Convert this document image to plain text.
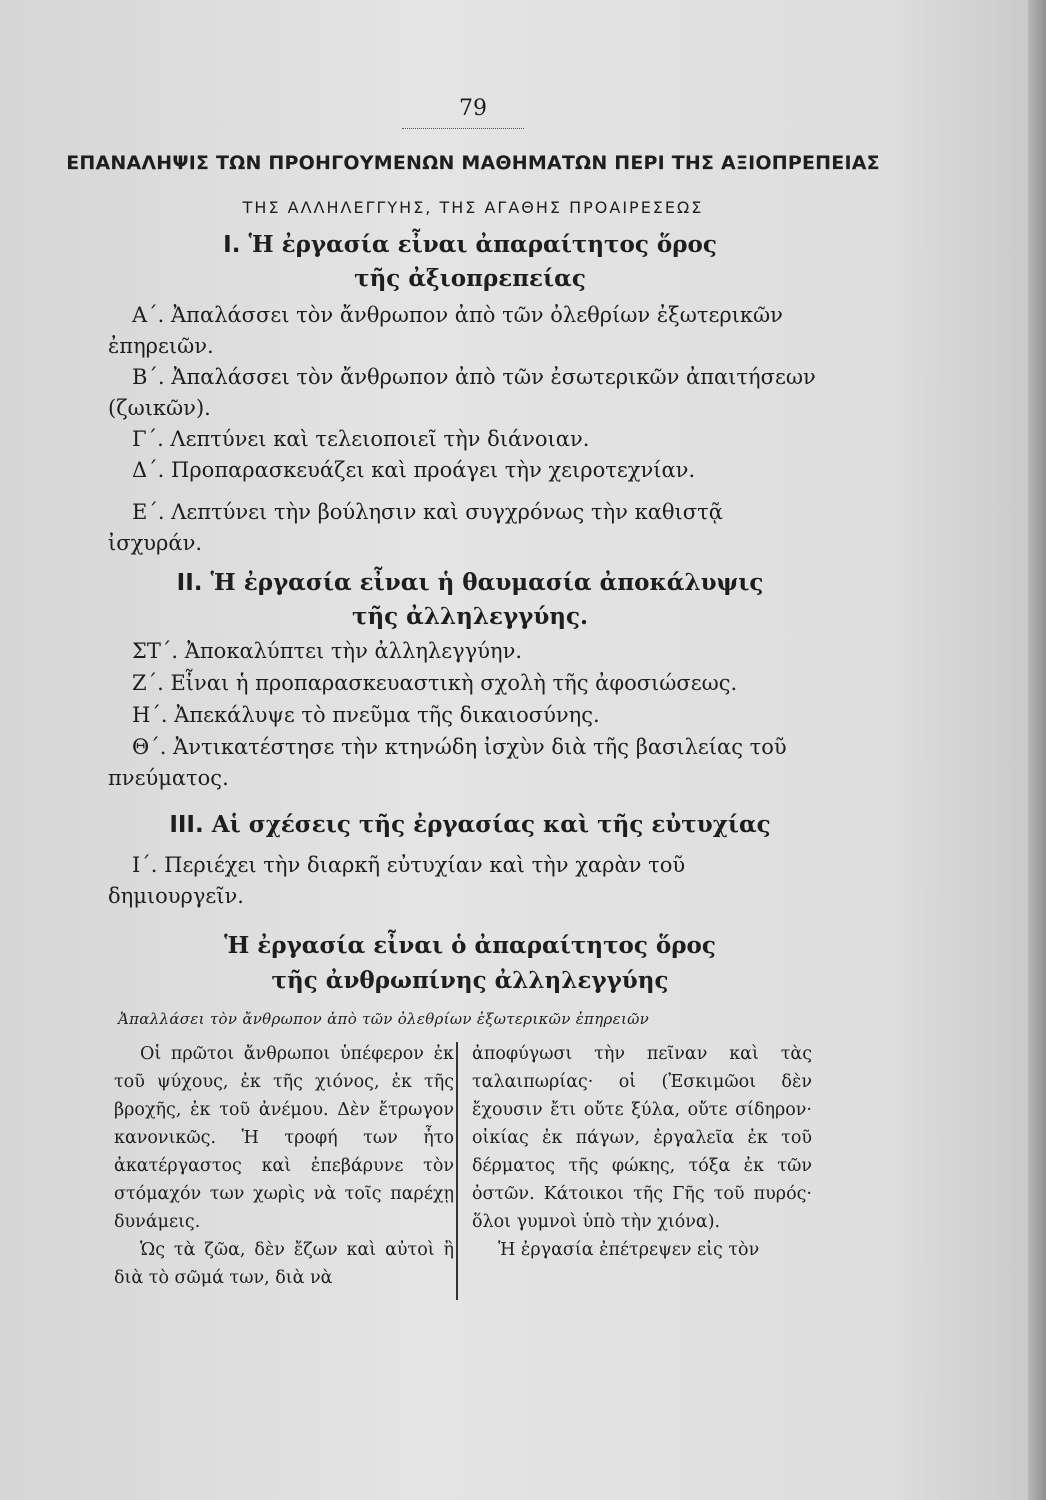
79
ΕΠΑΝΑΛΗΨΙΣ ΤΩΝ ΠΡΟΗΓΟΥΜΕΝΩΝ ΜΑΘΗΜΑΤΩΝ ΠΕΡΙ ΤΗΣ ΑΞΙΟΠΡΕΠΕΙΑΣ
ΤΗΣ ΑΛΛΗΛΕΓΓΥΗΣ, ΤΗΣ ΑΓΑΘΗΣ ΠΡΟΑΙΡΕΣΕΩΣ
I. Ἡ ἐργασία εἶναι ἀπαραίτητος ὅρος
τῆς ἀξιοπρεπείας
Α΄. Ἀπαλάσσει τὸν ἄνθρωπον ἀπὸ τῶν ὀλεθρίων ἐξωτερικῶν ἐπηρειῶν.
Β΄. Ἀπαλάσσει τὸν ἄνθρωπον ἀπὸ τῶν ἐσωτερικῶν ἀπαιτήσεων (ζωικῶν).
Γ΄. Λεπτύνει καὶ τελειοποιεῖ τὴν διάνοιαν.
Δ΄. Προπαρασκευάζει καὶ προάγει τὴν χειροτεχνίαν.
Ε΄. Λεπτύνει τὴν βούλησιν καὶ συγχρόνως τὴν καθιστᾷ ἰσχυράν.
II. Ἡ ἐργασία εἶναι ἡ θαυμασία ἀποκάλυψις
τῆς ἀλληλεγγύης.
ΣΤ΄. Ἀποκαλύπτει τὴν ἀλληλεγγύην.
Ζ΄. Εἶναι ἡ προπαρασκευαστικὴ σχολὴ τῆς ἀφοσιώσεως.
Η΄. Ἀπεκάλυψε τὸ πνεῦμα τῆς δικαιοσύνης.
Θ΄. Ἀντικατέστησε τὴν κτηνώδη ἰσχὺν διὰ τῆς βασιλείας τοῦ πνεύματος.
III. Αἱ σχέσεις τῆς ἐργασίας καὶ τῆς εὐτυχίας
Ι΄. Περιέχει τὴν διαρκῆ εὐτυχίαν καὶ τὴν χαρὰν τοῦ δημιουργεῖν.
Ἡ ἐργασία εἶναι ὁ ἀπαραίτητος ὅρος
τῆς ἀνθρωπίνης ἀλληλεγγύης
Ἀπαλλάσει τὸν ἄνθρωπον ἀπὸ τῶν ὀλεθρίων ἐξωτερικῶν ἐπηρειῶν

Οἱ πρῶτοι ἄνθρωποι ὑπέφερον ἐκ τοῦ ψύχους, ἐκ τῆς χιόνος, ἐκ τῆς βροχῆς, ἐκ τοῦ ἀνέμου. Δὲν ἔτρωγον κανονικῶς. Ἡ τροφή των ἦτο ἀκατέργαστος καὶ ἐπεβάρυνε τὸν στόμαχόν των χωρὶς νὰ τοῖς παρέχῃ δυνάμεις.

Ὡς τὰ ζῶα, δὲν ἔζων καὶ αὐτοὶ ἢ διὰ τὸ σῶμά των, διὰ νὰ

ἀποφύγωσι τὴν πεῖναν καὶ τὰς ταλαιπωρίας· οἱ (Ἐσκιμῶοι δὲν ἔχουσιν ἔτι οὔτε ξύλα, οὔτε σίδηρον· οἰκίας ἐκ πάγων, ἐργαλεῖα ἐκ τοῦ δέρματος τῆς φώκης, τόξα ἐκ τῶν ὀστῶν. Κάτοικοι τῆς Γῆς τοῦ πυρός· ὅλοι γυμνοὶ ὑπὸ τὴν χιόνα).

Ἡ ἐργασία ἐπέτρεψεν εἰς τὸν
